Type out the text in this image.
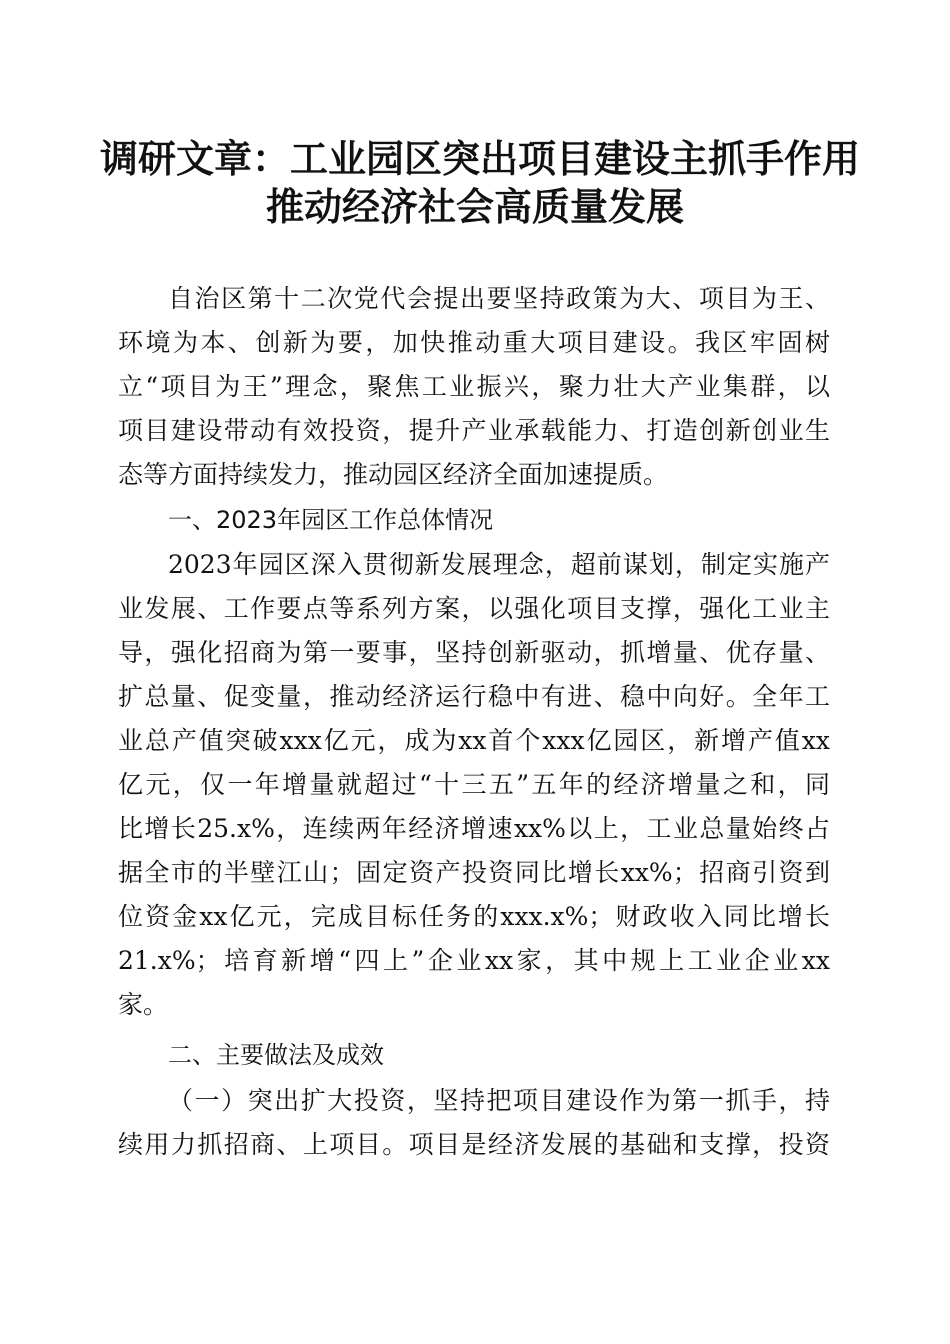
调研文章：工业园区突出项目建设主抓手作用
推动经济社会高质量发展
自治区第十二次党代会提出要坚持政策为大、项目为王、
环境为本、创新为要，加快推动重大项目建设。我区牢固树
立“项目为王”理念，聚焦工业振兴，聚力壮大产业集群，以
项目建设带动有效投资，提升产业承载能力、打造创新创业生
态等方面持续发力，推动园区经济全面加速提质。
一、2023年园区工作总体情况
2023年园区深入贯彻新发展理念，超前谋划，制定实施产
业发展、工作要点等系列方案，以强化项目支撑，强化工业主
导，强化招商为第一要事，坚持创新驱动，抓增量、优存量、
扩总量、促变量，推动经济运行稳中有进、稳中向好。全年工
业总产值突破xxx亿元，成为xx首个xxx亿园区，新增产值xx
亿元，仅一年增量就超过“十三五”五年的经济增量之和，同
比增长25.x%，连续两年经济增速xx%以上，工业总量始终占
据全市的半壁江山；固定资产投资同比增长xx%；招商引资到
位资金xx亿元，完成目标任务的xxx.x%；财政收入同比增长
21.x%；培育新增“四上”企业xx家，其中规上工业企业xx
家。
二、主要做法及成效
（一）突出扩大投资，坚持把项目建设作为第一抓手，持
续用力抓招商、上项目。项目是经济发展的基础和支撑，投资
